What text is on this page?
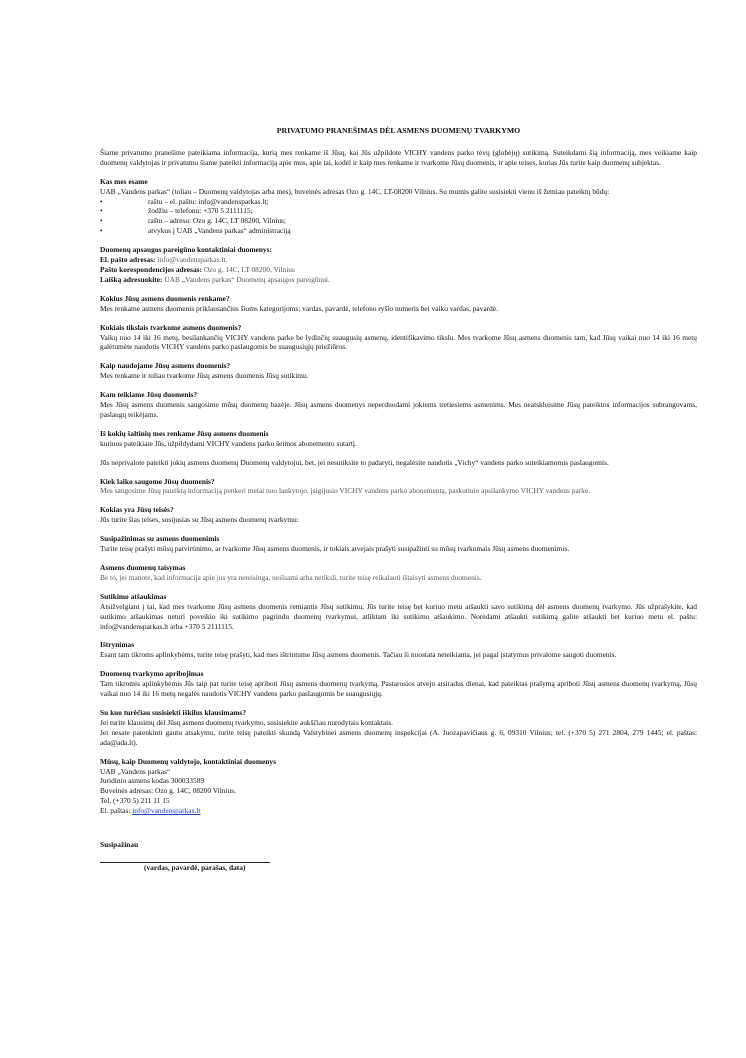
PRIVATUMO PRANEŠIMAS DĖL ASMENS DUOMENŲ TVARKYMO

Šiame privatumo pranešime pateikiama informacija, kurią mes renkame iš Jūsų, kai Jūs užpildote VICHY vandens parko tėvų (globėjų) sutikimą. Suteikdami šią informaciją, mes veikiame kaip duomenų valdytojas ir privatumo šiame pateikti informaciją apie mus, apie tai, kodėl ir kaip mes renkame ir tvarkome Jūsų duomenis, ir apie teises, kurias Jūs turite kaip duomenų subjektas.

Kas mes esame

UAB „Vandens parkas“ (toliau – Duomenų valdytojas arba mes), buveinės adresas Ozo g. 14C, LT-08200 Vilnius. Su mumis galite susisiekti vienu iš žemiau pateiktų būdų:

•	raštu – el. paštu: info@vandensparkas.lt;
•	žodžiu – telefonu: +370 5 2111115;
•	raštu – adresu: Ozo g. 14C, LT 08200, Vilnius;
•	atvykus į UAB „Vandens parkas“ administraciją
Duomenų apsaugos pareigūno kontaktiniai duomenys:
El. pašto adresas: info@vandensparkas.lt.
Pašto korespondencijos adresas: Ozo g. 14C, LT 08200, Vilnius
Laišką adresuokite: UAB „Vandens parkas“ Duomenų apsaugos pareigūnui.
Kokius Jūsų asmens duomenis renkame?

Mes renkame asmens duomenis priklausančius šioms kategorijoms: vardas, pavardė, telefono ryšio numeris bei vaiko vardas, pavardė.

Kokiais tikslais tvarkome asmens duomenis?

Vaikų nuo 14 iki 16 metų, besilankančių VICHY vandens parke be lydinčių suaugusių asmenų, identifikavimo tikslu. Mes tvarkome Jūsų asmens duomenis tam, kad Jūsų vaikai nuo 14 iki 16 metų galėtumėte naudotis VICHY vandens parko paslaugomis be suaugusiųjų priežiūros.

Kaip naudojame Jūsų asmens duomenis?

Mes renkame ir toliau tvarkome Jūsų asmens duomenis Jūsų sutikimu.

Kam teikiame Jūsų duomenis?

Mes Jūsų asmens duomenis saugosime mūsų duomenų bazėje. Jūsų asmens duomenys neperduodami jokiems tretiesiems asmenims. Mes neatskleisime Jūsų pateiktos informacijos subrangovams, paslaugų teikėjams.

Iš kokių šaltinių mes renkame Jūsų asmens duomenis

kuriuos pateikiate Jūs, užpildydami VICHY vandens parko šeimos abonemento sutartį.

Jūs neprivalote pateikti jokių asmens duomenų Duomenų valdytojui, bet, jei nesutiksite to padaryti, negalėsite naudotis „Vichy“ vandens parko suteikiamomis paslaugomis.

Kiek laiko saugome Jūsų duomenis?

Mes saugosime Jūsų pateiktą informaciją penkeri metai nuo lankytojo, įsigijusio VICHY vandens parko abonementą, paskutinio apsilankymo VICHY vandens parke.

Kokias yra Jūsų teisės?

Jūs turite šias teises, susijusias su Jūsų asmens duomenų tvarkymu:

Susipažinimas su asmens duomenimis

Turite teisę prašyti mūsų patvirtinimo, ar tvarkome Jūsų asmens duomenis, ir tokiais atvejais prašyti susipažinti su mūsų tvarkomais Jūsų asmens duomenimis.

Asmens duomenų taisymas

Be to, jei manote, kad informacija apie jus yra neteisinga, neišsami arba netiksli, turite teisę reikalauti ištaisyti asmens duomenis.

Sutikimo atšaukimas

Atsižvelgiant į tai, kad mes tvarkome Jūsų asmens duomenis remiantis Jūsų sutikimu, Jūs turite teisę bet kuriuo metu atšaukti savo sutikimą dėl asmens duomenų tvarkymo. Jūs užprašykite, kad sutikimo atšaukimas neturi poveikio iki sutikimo pagrindu duomenų tvarkymui, atliktam iki sutikimo atšaukimo. Norėdami atšaukti sutikimą galite atšaukti bet kuriuo metu el. paštu: info@vandensparkas.lt arba +370 5 2111115.

Ištrynimas

Esant tam tikroms aplinkybėms, turite teisę prašyti, kad mes ištrintume Jūsų asmens duomenis. Tačiau ši nuostata neteikiama, jei pagal įstatymus privalome saugoti duomenis.

Duomenų tvarkymo apribojimas

Tam tikromis aplinkybėmis Jūs taip pat turite teisę apriboti Jūsų asmens duomenų tvarkymą. Pastarosios atveju atsiradus dienai, kad pateiktas prašymą apriboti Jūsų asmens duomenų tvarkymą, Jūsų vaikai nuo 14 iki 16 metų negalės naudotis VICHY vandens parko paslaugomis be suaugusiųjų.

Su kuo turėčiau susisiekti iškilus klausimams?

Jei turite klausimų dėl Jūsų asmens duomenų tvarkymo, susisiekite aukščiau nurodytais kontaktais.

Jei nesate patenkinti gautu atsakymu, turite teisę pateikti skundą Valstybinei asmens duomenų inspekcijai (A. Juozapavičiaus g. 6, 09310 Vilnius; tel. (+370 5) 271 2804, 279 1445; el. paštas: ada@ada.lt).

Mūsų, kaip Duomenų valdytojo, kontaktiniai duomenys
UAB „Vandens parkas“
Juridinio asmens kodas 300033589
Buveinės adresas: Ozo g. 14C, 08200 Vilnius.
Tel. (+370 5) 211 11 15
El. paštas: info@vandensparkas.lt
Susipažinau
(vardas, pavardė, parašas, data)
